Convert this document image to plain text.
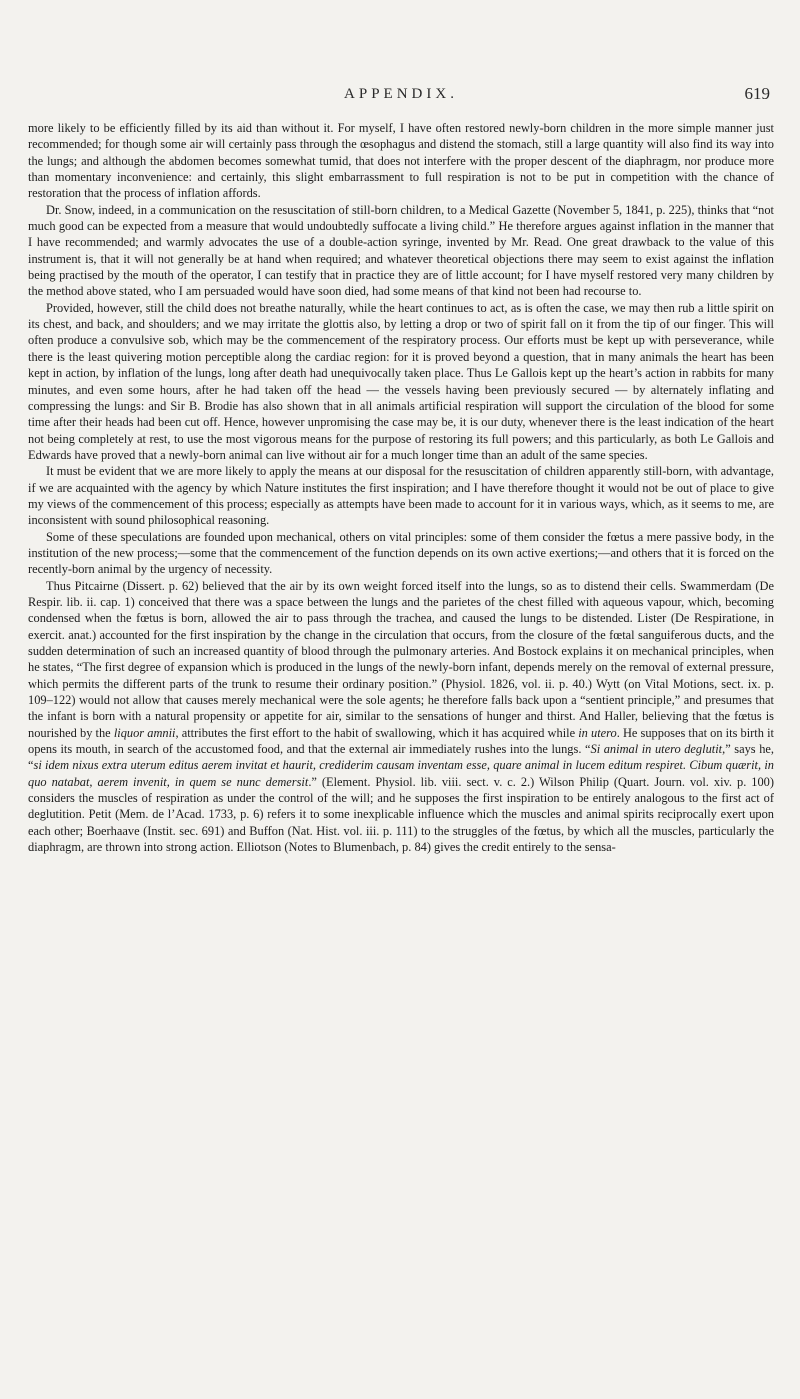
APPENDIX.	619

more likely to be efficiently filled by its aid than without it. For myself, I have often restored newly-born children in the more simple manner just recommended; for though some air will certainly pass through the œsophagus and distend the stomach, still a large quantity will also find its way into the lungs; and although the abdomen becomes somewhat tumid, that does not interfere with the proper descent of the diaphragm, nor produce more than momentary inconvenience: and certainly, this slight embarrassment to full respiration is not to be put in competition with the chance of restoration that the process of inflation affords.

Dr. Snow, indeed, in a communication on the resuscitation of still-born children, to a Medical Gazette (November 5, 1841, p. 225), thinks that “not much good can be expected from a measure that would undoubtedly suffocate a living child.” He therefore argues against inflation in the manner that I have recommended; and warmly advocates the use of a double-action syringe, invented by Mr. Read. One great drawback to the value of this instrument is, that it will not generally be at hand when required; and whatever theoretical objections there may seem to exist against the inflation being practised by the mouth of the operator, I can testify that in practice they are of little account; for I have myself restored very many children by the method above stated, who I am persuaded would have soon died, had some means of that kind not been had recourse to.

Provided, however, still the child does not breathe naturally, while the heart continues to act, as is often the case, we may then rub a little spirit on its chest, and back, and shoulders; and we may irritate the glottis also, by letting a drop or two of spirit fall on it from the tip of our finger. This will often produce a convulsive sob, which may be the commencement of the respiratory process. Our efforts must be kept up with perseverance, while there is the least quivering motion perceptible along the cardiac region: for it is proved beyond a question, that in many animals the heart has been kept in action, by inflation of the lungs, long after death had unequivocally taken place. Thus Le Gallois kept up the heart’s action in rabbits for many minutes, and even some hours, after he had taken off the head — the vessels having been previously secured — by alternately inflating and compressing the lungs: and Sir B. Brodie has also shown that in all animals artificial respiration will support the circulation of the blood for some time after their heads had been cut off. Hence, however unpromising the case may be, it is our duty, whenever there is the least indication of the heart not being completely at rest, to use the most vigorous means for the purpose of restoring its full powers; and this particularly, as both Le Gallois and Edwards have proved that a newly-born animal can live without air for a much longer time than an adult of the same species.

It must be evident that we are more likely to apply the means at our disposal for the resuscitation of children apparently still-born, with advantage, if we are acquainted with the agency by which Nature institutes the first inspiration; and I have therefore thought it would not be out of place to give my views of the commencement of this process; especially as attempts have been made to account for it in various ways, which, as it seems to me, are inconsistent with sound philosophical reasoning.

Some of these speculations are founded upon mechanical, others on vital principles: some of them consider the fœtus a mere passive body, in the institution of the new process;—some that the commencement of the function depends on its own active exertions;—and others that it is forced on the recently-born animal by the urgency of necessity.

Thus Pitcairne (Dissert. p. 62) believed that the air by its own weight forced itself into the lungs, so as to distend their cells. Swammerdam (De Respir. lib. ii. cap. 1) conceived that there was a space between the lungs and the parietes of the chest filled with aqueous vapour, which, becoming condensed when the fœtus is born, allowed the air to pass through the trachea, and caused the lungs to be distended. Lister (De Respiratione, in exercit. anat.) accounted for the first inspiration by the change in the circulation that occurs, from the closure of the fœtal sanguiferous ducts, and the sudden determination of such an increased quantity of blood through the pulmonary arteries. And Bostock explains it on mechanical principles, when he states, “The first degree of expansion which is produced in the lungs of the newly-born infant, depends merely on the removal of external pressure, which permits the different parts of the trunk to resume their ordinary position.” (Physiol. 1826, vol. ii. p. 40.) Wytt (on Vital Motions, sect. ix. p. 109–122) would not allow that causes merely mechanical were the sole agents; he therefore falls back upon a “sentient principle,” and presumes that the infant is born with a natural propensity or appetite for air, similar to the sensations of hunger and thirst. And Haller, believing that the fœtus is nourished by the liquor amnii, attributes the first effort to the habit of swallowing, which it has acquired while in utero. He supposes that on its birth it opens its mouth, in search of the accustomed food, and that the external air immediately rushes into the lungs. “Si animal in utero deglutit,” says he, “si idem nixus extra uterum editus aerem invitat et haurit, crediderim causam inventam esse, quare animal in lucem editum respiret. Cibum quærit, in quo natabat, aerem invenit, in quem se nunc demersit.” (Element. Physiol. lib. viii. sect. v. c. 2.) Wilson Philip (Quart. Journ. vol. xiv. p. 100) considers the muscles of respiration as under the control of the will; and he supposes the first inspiration to be entirely analogous to the first act of deglutition. Petit (Mem. de l’Acad. 1733, p. 6) refers it to some inexplicable influence which the muscles and animal spirits reciprocally exert upon each other; Boerhaave (Instit. sec. 691) and Buffon (Nat. Hist. vol. iii. p. 111) to the struggles of the fœtus, by which all the muscles, particularly the diaphragm, are thrown into strong action. Elliotson (Notes to Blumenbach, p. 84) gives the credit entirely to the sensa-
